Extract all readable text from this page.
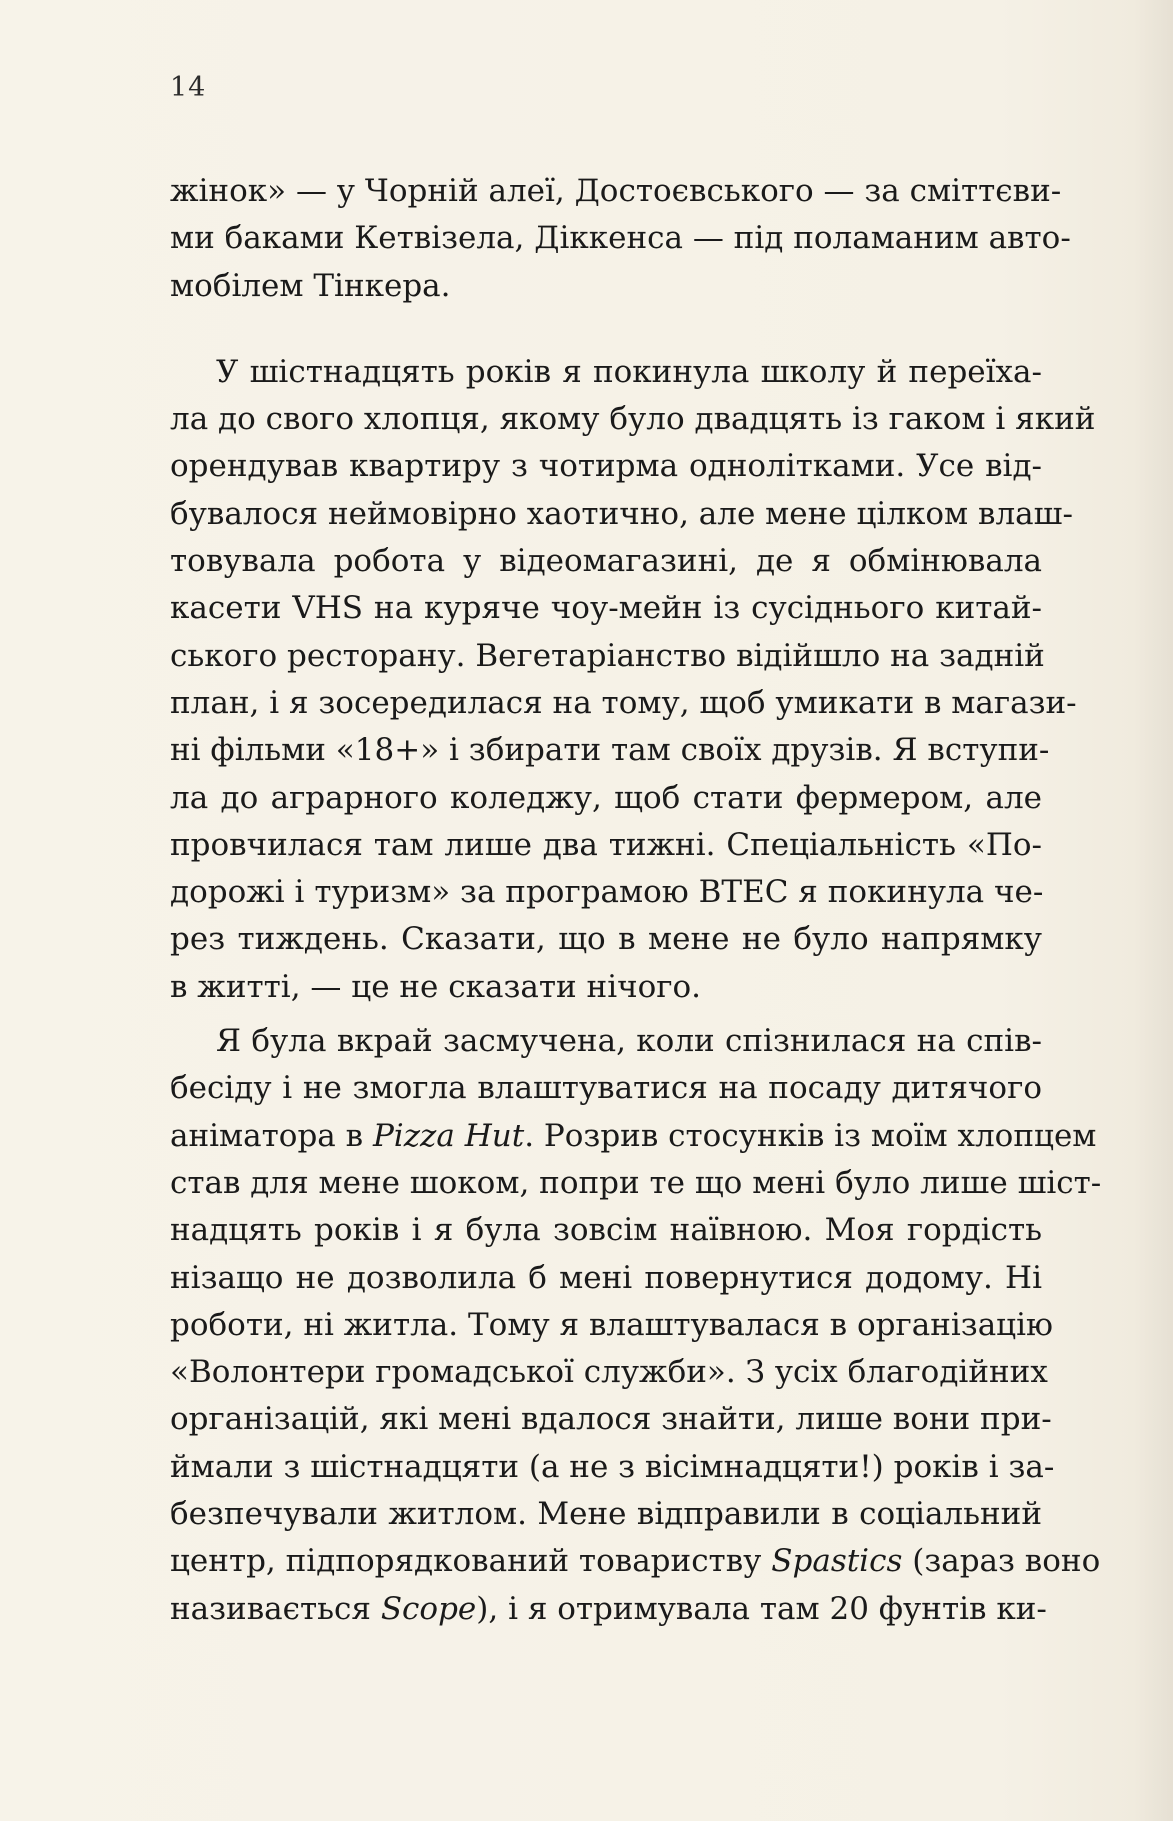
14
жінок» — у Чорній алеї, Достоєвського — за сміттєви-
ми баками Кетвізела, Діккенса — під поламаним авто-
мобілем Тінкера.
У шістнадцять років я покинула школу й переїха-
ла до свого хлопця, якому було двадцять із гаком і який
орендував квартиру з чотирма однолітками. Усе від-
бувалося неймовірно хаотично, але мене цілком влаш-
товувала робота у відеомагазині, де я обмінювала
касети VHS на куряче чоу-мейн із сусіднього китай-
ського ресторану. Вегетаріанство відійшло на задній
план, і я зосередилася на тому, щоб умикати в магази-
ні фільми «18+» і збирати там своїх друзів. Я вступи-
ла до аграрного коледжу, щоб стати фермером, але
провчилася там лише два тижні. Спеціальність «По-
дорожі і туризм» за програмою BTEC я покинула че-
рез тиждень. Сказати, що в мене не було напрямку
в житті, — це не сказати нічого.
Я була вкрай засмучена, коли спізнилася на спів-
бесіду і не змогла влаштуватися на посаду дитячого
аніматора в Pizza Hut. Розрив стосунків із моїм хлопцем
став для мене шоком, попри те що мені було лише шіст-
надцять років і я була зовсім наївною. Моя гордість
нізащо не дозволила б мені повернутися додому. Ні
роботи, ні житла. Тому я влаштувалася в організацію
«Волонтери громадської служби». З усіх благодійних
організацій, які мені вдалося знайти, лише вони при-
ймали з шістнадцяти (а не з вісімнадцяти!) років і за-
безпечували житлом. Мене відправили в соціальний
центр, підпорядкований товариству Spastics (зараз воно
називається Scope), і я отримувала там 20 фунтів ки-
